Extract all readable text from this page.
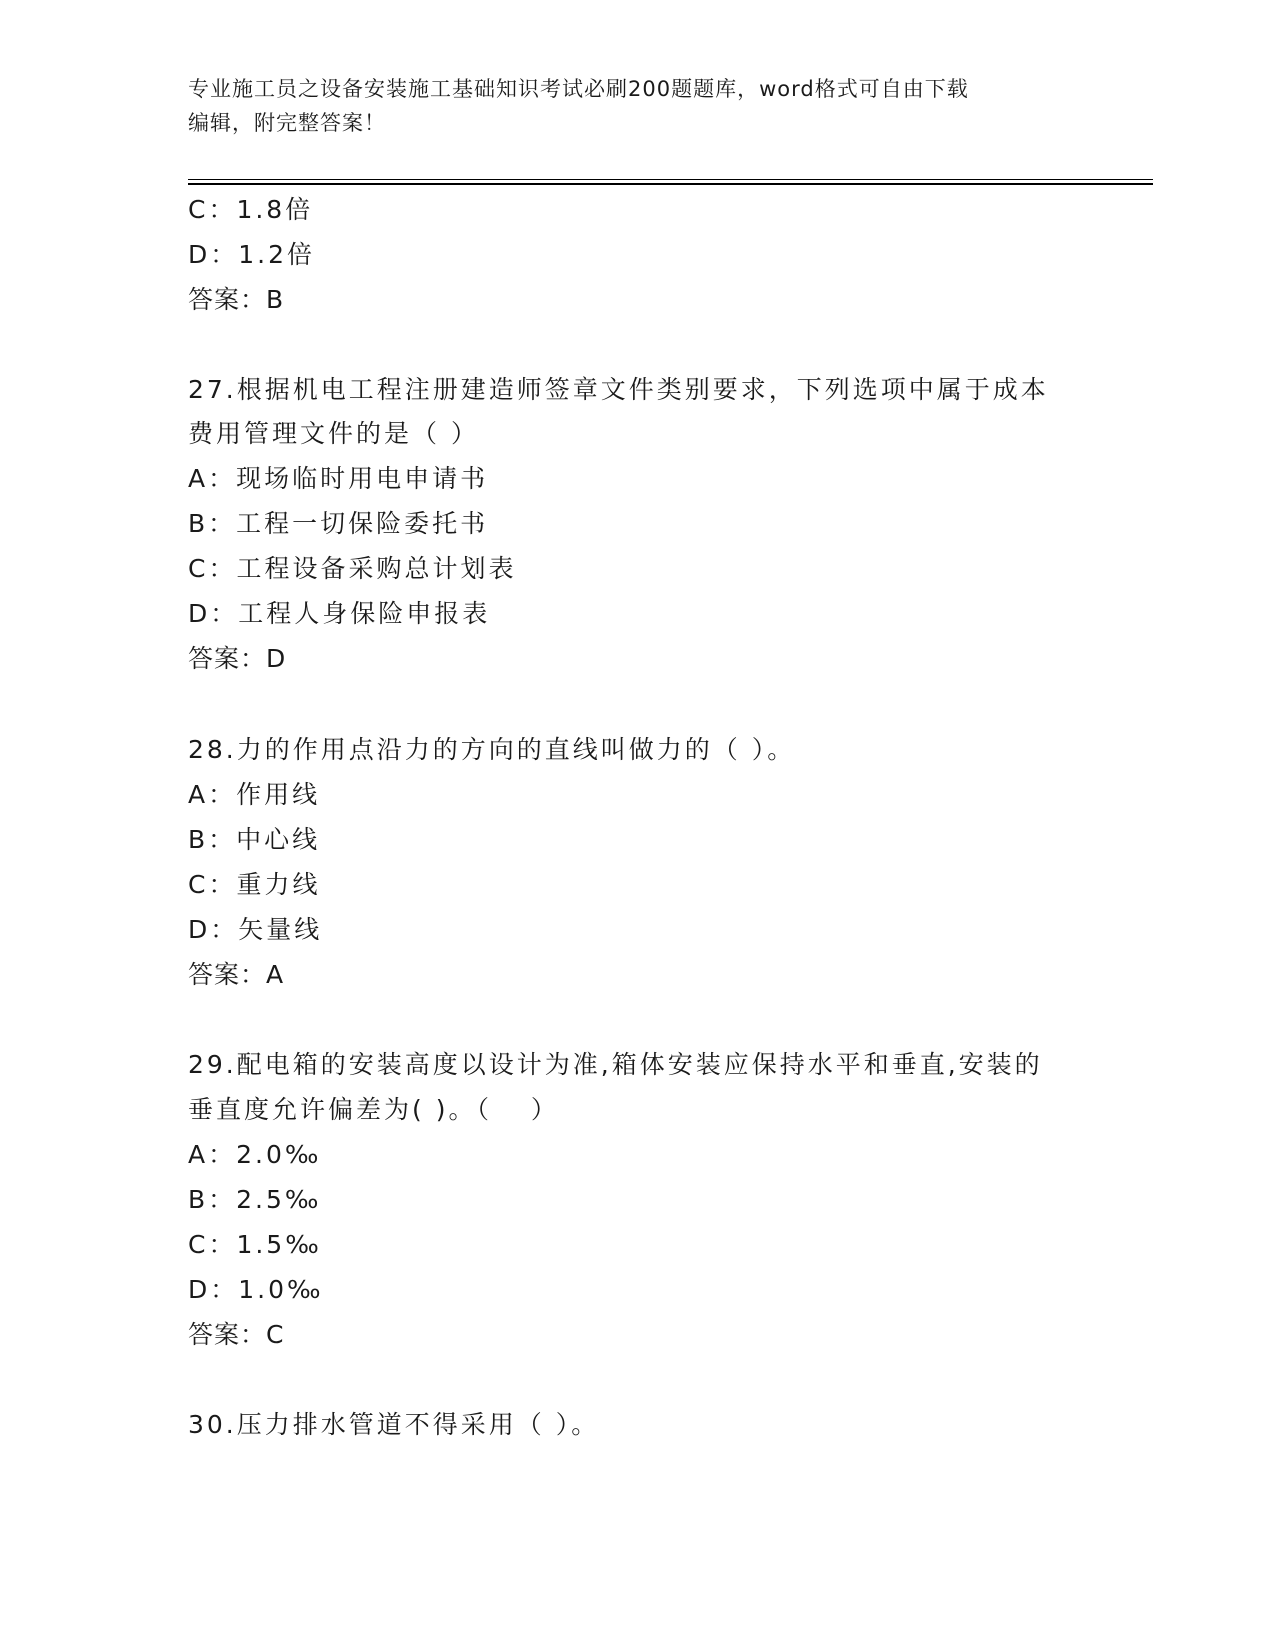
专业施工员之设备安装施工基础知识考试必刷200题题库，word格式可自由下载
编辑，附完整答案！
C：1.8倍
D：1.2倍
答案：B
27.根据机电工程注册建造师签章文件类别要求，下列选项中属于成本
费用管理文件的是（ ）
A：现场临时用电申请书
B：工程一切保险委托书
C：工程设备采购总计划表
D：工程人身保险申报表
答案：D
28.力的作用点沿力的方向的直线叫做力的（ ）。
A：作用线
B：中心线
C：重力线
D：矢量线
答案：A
29.配电箱的安装高度以设计为准,箱体安装应保持水平和垂直,安装的
垂直度允许偏差为( )。（　 ）
A：2.0‰
B：2.5‰
C：1.5‰
D：1.0‰
答案：C
30.压力排水管道不得采用（ ）。
